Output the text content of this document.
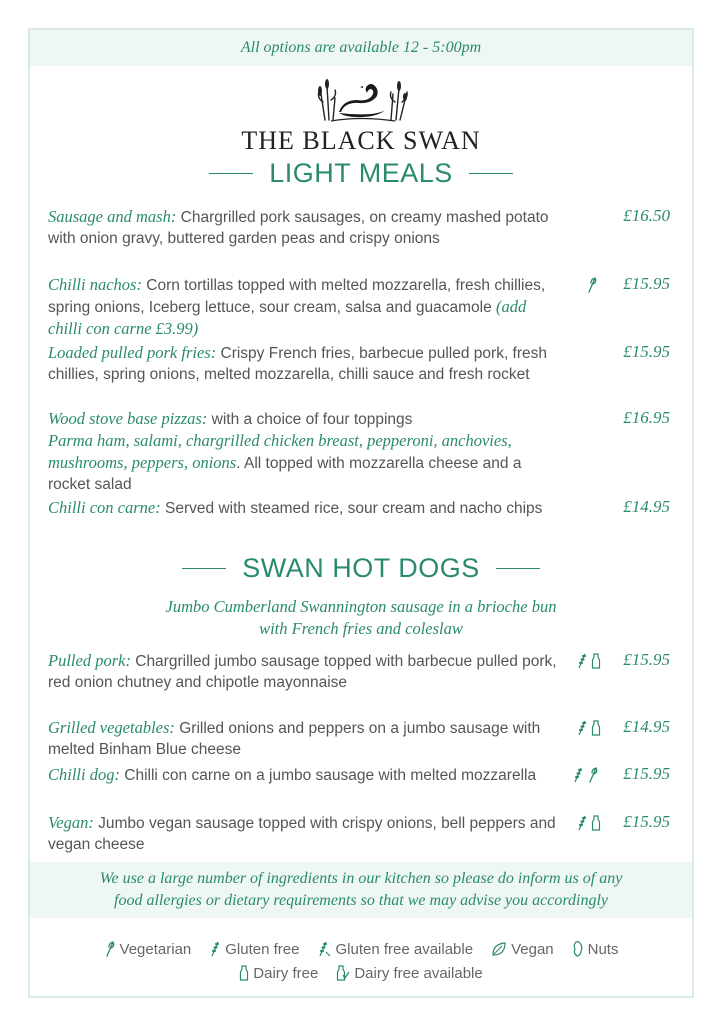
All options are available 12 - 5:00pm
THE BLACK SWAN
LIGHT MEALS
Sausage and mash: Chargrilled pork sausages, on creamy mashed potato with onion gravy, buttered garden peas and crispy onions
£16.50
Chilli nachos: Corn tortillas topped with melted mozzarella, fresh chillies, spring onions, Iceberg lettuce, sour cream, salsa and guacamole (add chilli con carne £3.99)
£15.95
Loaded pulled pork fries: Crispy French fries, barbecue pulled pork, fresh chillies, spring onions, melted mozzarella, chilli sauce and fresh rocket
£15.95
Wood stove base pizzas: with a choice of four toppings
Parma ham, salami, chargrilled chicken breast, pepperoni, anchovies, mushrooms, peppers, onions. All topped with mozzarella cheese and a rocket salad
£16.95
Chilli con carne: Served with steamed rice, sour cream and nacho chips	£14.95
SWAN HOT DOGS
Jumbo Cumberland Swannington sausage in a brioche bun
with French fries and coleslaw
Pulled pork: Chargrilled jumbo sausage topped with barbecue pulled pork, red onion chutney and chipotle mayonnaise
£15.95
Grilled vegetables: Grilled onions and peppers on a jumbo sausage with melted Binham Blue cheese
£14.95
Chilli dog: Chilli con carne on a jumbo sausage with melted mozzarella	£15.95
Vegan: Jumbo vegan sausage topped with crispy onions, bell peppers and vegan cheese
£15.95
We use a large number of ingredients in our kitchen so please do inform us of any
food allergies or dietary requirements so that we may advise you accordingly
Vegetarian Gluten free Gluten free available	Vegan Nuts
Dairy free Dairy free available
